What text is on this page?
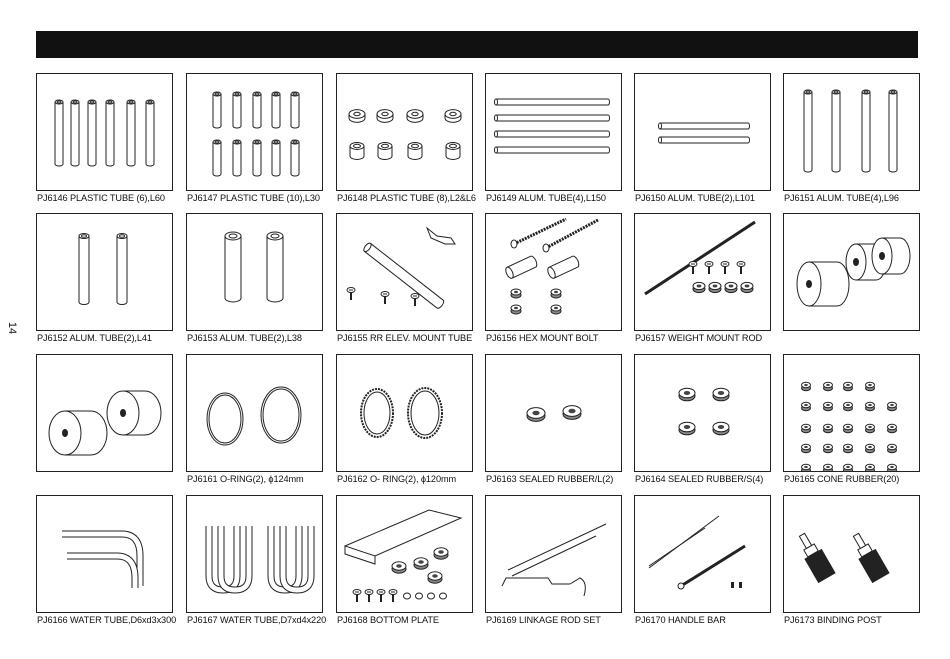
14
PJ6146 PLASTIC TUBE (6),L60	PJ6147 PLASTIC TUBE (10),L30	PJ6148 PLASTIC TUBE (8),L2&L6	PJ6149 ALUM. TUBE(4),L150	PJ6150 ALUM. TUBE(2),L101	PJ6151 ALUM. TUBE(4),L96
PJ6152 ALUM. TUBE(2),L41	PJ6153 ALUM. TUBE(2),L38	PJ6155 RR ELEV. MOUNT TUBE	PJ6156 HEX MOUNT BOLT	PJ6157 WEIGHT MOUNT ROD
PJ6161 O-RING(2), ϕ124mm	PJ6162 O- RING(2), ϕ120mm	PJ6163 SEALED RUBBER/L(2)	PJ6164 SEALED RUBBER/S(4)	PJ6165 CONE RUBBER(20)
PJ6166 WATER TUBE,D6xd3x300	PJ6167 WATER TUBE,D7xd4x220	PJ6168 BOTTOM PLATE	PJ6169 LINKAGE ROD SET	PJ6170 HANDLE BAR	PJ6173 BINDING POST
